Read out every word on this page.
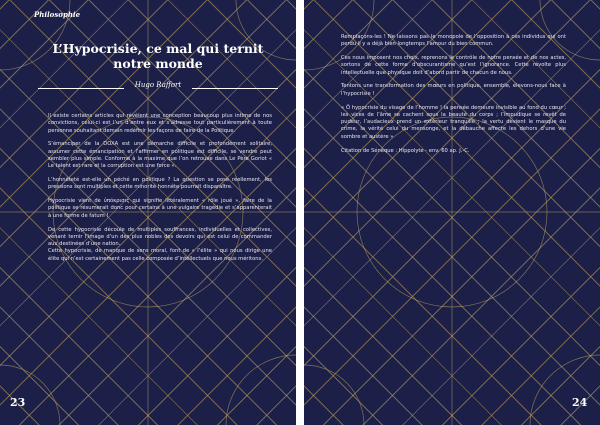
Philosophie

L’Hypocrisie, ce mal qui ternit
notre monde

Hugo Raffort

Il existe certains articles qui révèlent une conception beaucoup plus intime de nos convictions, celui-ci est l’un d’entre eux et s’adresse tout particulièrement à toute personne souhaitant demain redéfinir les façons de faire de la Politique.

S’émanciper de la DOXA est une démarche difficile et profondément solitaire, assumer cette émancipation et l’affirmer en politique est difficile, se vendre peut sembler plus simple. Conforme à la maxime que l’on retrouve dans Le Père Goriot « Le talent est rare et la corruption est une force ».

L’honnêteté est-elle un péché en politique ? La question se pose réellement, les pressions sont multiples et cette minorité honnête pourrait disparaître.

Hypocrisie vient de ὑπόκρισις qui signifie littéralement « rôle joué », faire de la politique se résumerait donc pour certains à une vulgaire tragédie et s’apparenterait à une forme de fatum !

De cette hypocrisie découle de multiples souffrances, individuelles et collectives, venant ternir l’image d’un des plus nobles des devoirs qui est celui de commander aux destinées d’une nation.
Cette hypocrisie, de manque de sens moral, font de « l’élite » qui nous dirige une élite qui n’est certainement pas celle composée d’intellectuels que nous méritons.

23

Remplaçons-les ! Ne laissons pas le monopole de l’opposition à ces individus qui ont perdu il y a déjà bien longtemps l’amour du bien commun.

Ces nous imposent nos choix, reprenons le contrôle de notre pensée et de nos actes, sortons de cette forme d’obscurantisme qu’est l’ignorance. Cette révolte plus intellectuelle que physique doit d’abord partir de chacun de nous.

Tentons une transformation des mœurs en politique, ensemble, élevons-nous face à l’hypocrisie !

« Ô hypocrisie du visage de l’homme ! la pensée demeure invisible au fond du cœur ; les vices de l’âme se cachent sous la beauté du corps ; l’impudique se revêt de pudeur, l’audacieux prend un extérieur tranquille ; la vertu devient le masque du crime, la vérité celui du mensonge, et la débauche affecte les dehors d’une vie sombre et austère »

Citation de Sénèque : Hippolyte - env. 60 ap. J.-C.

24
